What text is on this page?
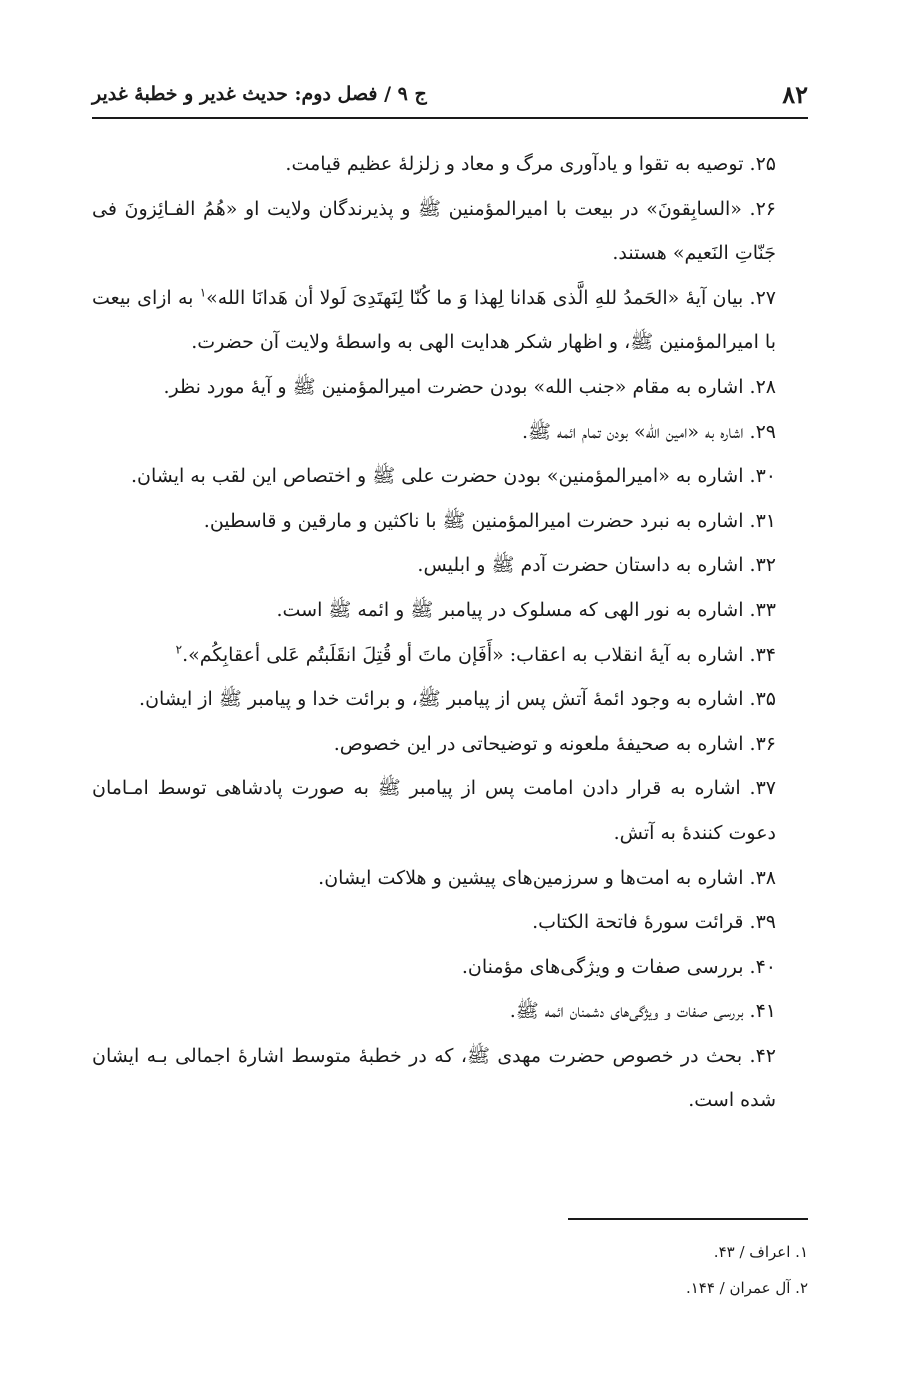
۸۲
ج ۹ / فصل دوم: حدیث غدیر و خطبهٔ غدیر

۲۵. توصیه به تقوا و یادآوری مرگ و معاد و زلزلهٔ عظیم قیامت.

۲۶. «السابِقونَ» در بیعت با امیرالمؤمنین ﷺ و پذیرندگان ولایت او «هُمُ الفـائِزونَ فی جَنّاتِ النَعیم» هستند.

۲۷. بیان آیهٔ «الحَمدُ للهِ الَّذی هَدانا لِهذا وَ ما کُنّا لِنَهتَدِیَ لَولا أن هَدانَا الله»$^۱$ به ازای بیعت با امیرالمؤمنین ﷺ، و اظهار شکر هدایت الهی به واسطهٔ ولایت آن حضرت.

۲۸. اشاره به مقام «جنب الله» بودن حضرت امیرالمؤمنین ﷺ و آیهٔ مورد نظر.

۲۹. اشاره به «امین الله» بودن تمام ائمه ﷺ.

۳۰. اشاره به «امیرالمؤمنین» بودن حضرت علی ﷺ و اختصاص این لقب به ایشان.

۳۱. اشاره به نبرد حضرت امیرالمؤمنین ﷺ با ناکثین و مارقین و قاسطین.

۳۲. اشاره به داستان حضرت آدم ﷺ و ابلیس.

۳۳. اشاره به نور الهی که مسلوک در پیامبر ﷺ و ائمه ﷺ است.

۳۴. اشاره به آیهٔ انقلاب به اعقاب: «أَفَإن ماتَ أو قُتِلَ انقَلَبتُم عَلی أعقابِکُم».$^۲$

۳۵. اشاره به وجود ائمهٔ آتش پس از پیامبر ﷺ، و برائت خدا و پیامبر ﷺ از ایشان.

۳۶. اشاره به صحیفهٔ ملعونه و توضیحاتی در این خصوص.

۳۷. اشاره به قرار دادن امامت پس از پیامبر ﷺ به صورت پادشاهی توسط امـامان دعوت کنندهٔ به آتش.

۳۸. اشاره به امت‌ها و سرزمین‌های پیشین و هلاکت ایشان.

۳۹. قرائت سورهٔ فاتحة الکتاب.

۴۰. بررسی صفات و ویژگی‌های مؤمنان.

۴۱. بررسی صفات و ویژگی‌های دشمنان ائمه ﷺ.

۴۲. بحث در خصوص حضرت مهدی ﷺ، که در خطبهٔ متوسط اشارهٔ اجمالی بـه ایشان شده است.

۱. اعراف / ۴۳.

۲. آل عمران / ۱۴۴.
